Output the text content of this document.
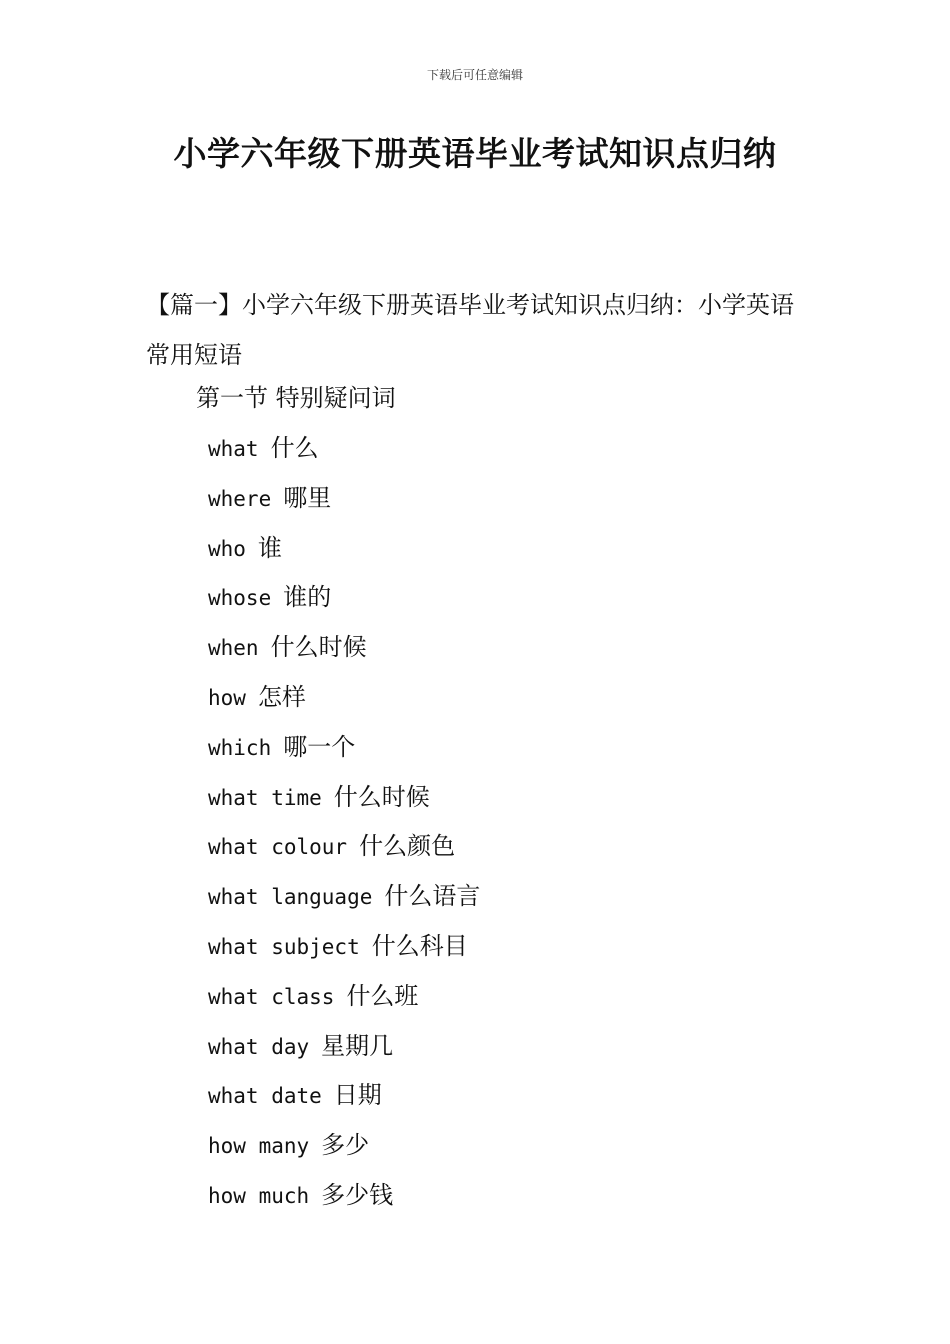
下载后可任意编辑
小学六年级下册英语毕业考试知识点归纳

【篇一】小学六年级下册英语毕业考试知识点归纳：小学英语常用短语

第一节 特别疑问词
what 什么
where 哪里
who 谁
whose 谁的
when 什么时候
how 怎样
which 哪一个
what time 什么时候
what colour 什么颜色
what language 什么语言
what subject 什么科目
what class 什么班
what day 星期几
what date 日期
how many 多少
how much 多少钱
